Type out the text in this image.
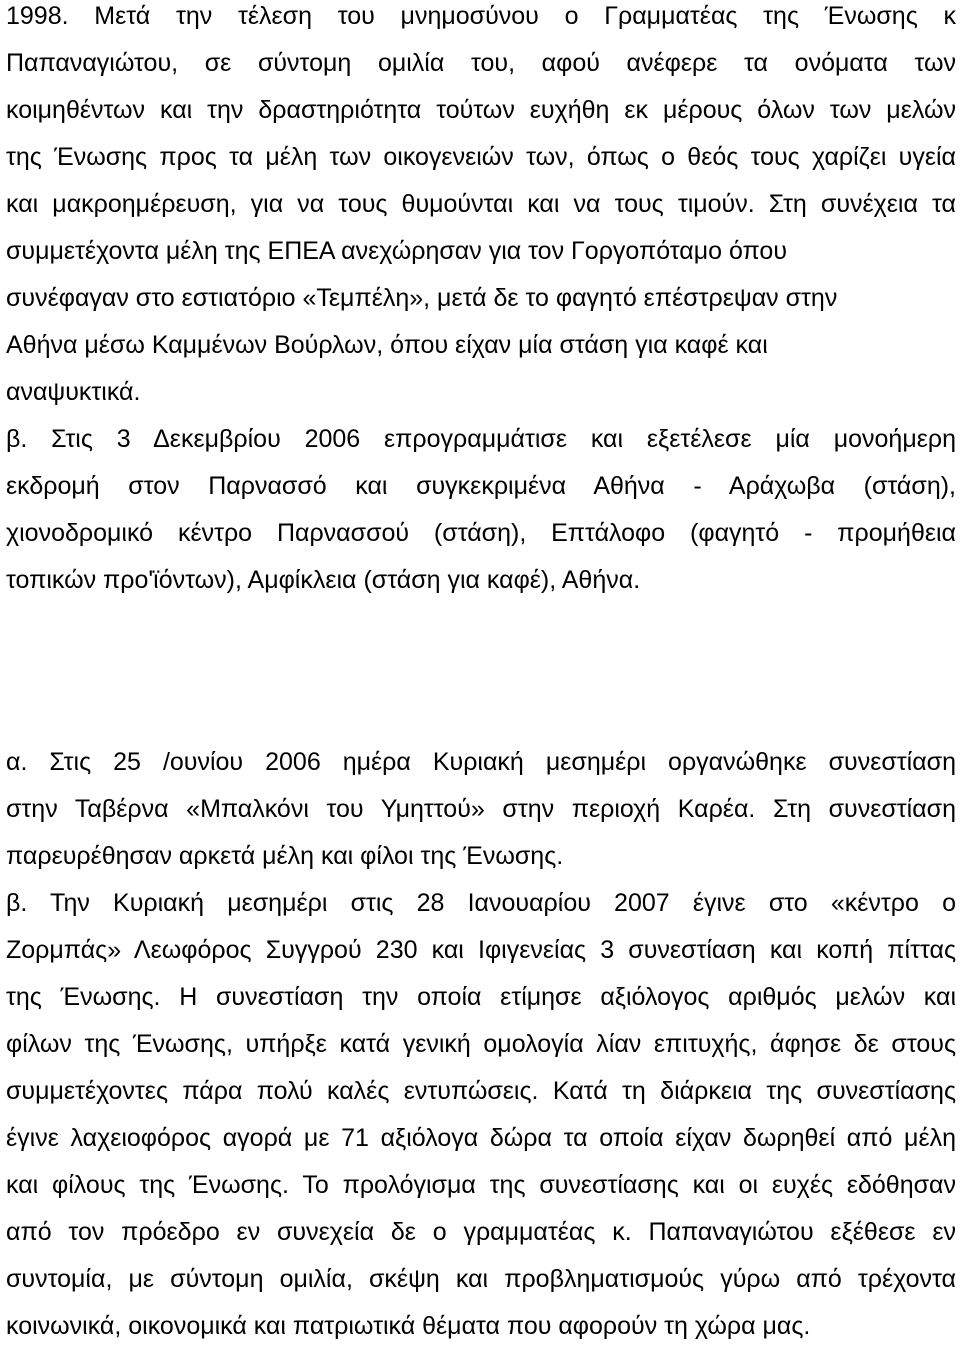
1998. Μετά την τέλεση του μνημοσύνου ο Γραμματέας της Ένωσης κ
Παπαναγιώτου, σε σύντομη ομιλία του, αφού ανέφερε τα ονόματα των
κοιμηθέντων και την δραστηριότητα τούτων ευχήθη εκ μέρους όλων των μελών
της Ένωσης προς τα μέλη των οικογενειών των, όπως ο θεός τους χαρίζει υγεία
και μακροημέρευση, για να τους θυμούνται και να τους τιμούν. Στη συνέχεια τα
συμμετέχοντα μέλη της ΕΠΕΑ ανεχώρησαν για τον Γοργοπόταμο όπου
συνέφαγαν στο εστιατόριο «Τεμπέλη», μετά δε το φαγητό επέστρεψαν στην
Αθήνα μέσω Καμμένων Βούρλων, όπου είχαν μία στάση για καφέ και
αναψυκτικά.
β. Στις 3 Δεκεμβρίου 2006 επρογραμμάτισε και εξετέλεσε μία μονοήμερη
εκδρομή στον Παρνασσό και συγκεκριμένα Αθήνα - Αράχωβα (στάση),
χιονοδρομικό κέντρο Παρνασσού (στάση), Επτάλοφο (φαγητό - προμήθεια
τοπικών προ'ϊόντων), Αμφίκλεια (στάση για καφέ), Αθήνα.
α. Στις 25 /ουνίου 2006 ημέρα Κυριακή μεσημέρι οργανώθηκε συνεστίαση
στην Ταβέρνα «Μπαλκόνι του Υμηττού» στην περιοχή Καρέα. Στη συνεστίαση
παρευρέθησαν αρκετά μέλη και φίλοι της Ένωσης.
β. Την Κυριακή μεσημέρι στις 28 Ιανουαρίου 2007 έγινε στο «κέντρο ο
Ζορμπάς» Λεωφόρος Συγγρού 230 και Ιφιγενείας 3 συνεστίαση και κοπή πίττας
της Ένωσης. Η συνεστίαση την οποία ετίμησε αξιόλογος αριθμός μελών και
φίλων της Ένωσης, υπήρξε κατά γενική ομολογία λίαν επιτυχής, άφησε δε στους
συμμετέχοντες πάρα πολύ καλές εντυπώσεις. Κατά τη διάρκεια της συνεστίασης
έγινε λαχειοφόρος αγορά με 71 αξιόλογα δώρα τα οποία είχαν δωρηθεί από μέλη
και φίλους της Ένωσης. Το προλόγισμα της συνεστίασης και οι ευχές εδόθησαν
από τον πρόεδρο εν συνεχεία δε ο γραμματέας κ. Παπαναγιώτου εξέθεσε εν
συντομία, με σύντομη ομιλία, σκέψη και προβληματισμούς γύρω από τρέχοντα
κοινωνικά, οικονομικά και πατριωτικά θέματα που αφορούν τη χώρα μας.
